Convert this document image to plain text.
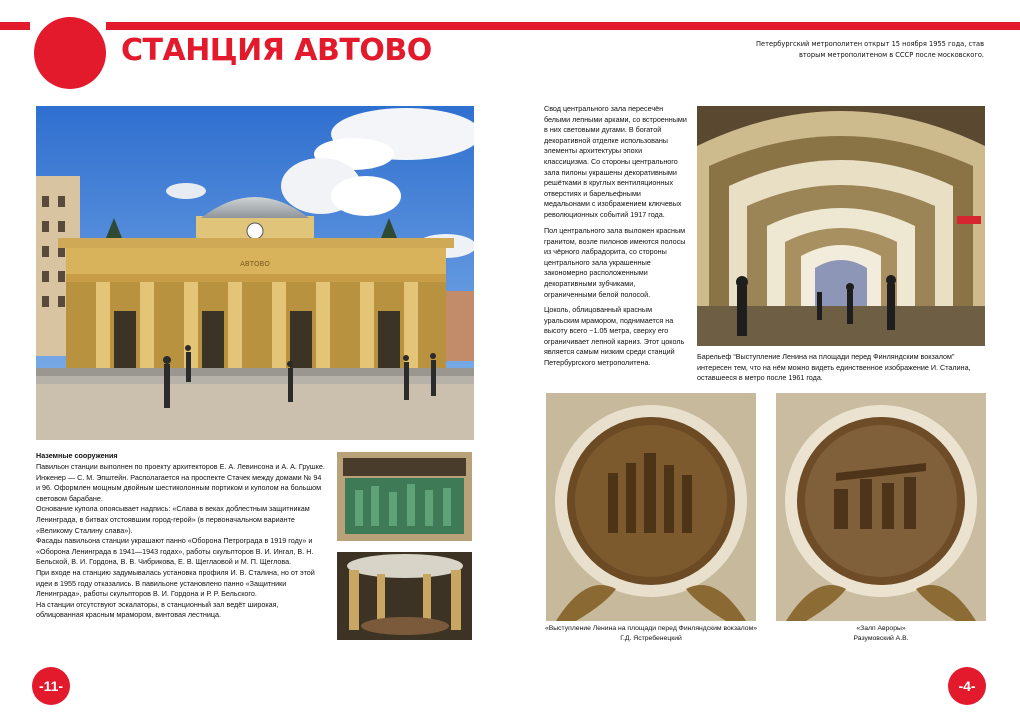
СТАНЦИЯ АВТОВО	Петербургский метрополитен открыт 15 ноября 1955 года, став вторым метрополитеном в СССР после московского.
АВТОВО
Наземные сооружения

Павильон станции выполнен по проекту архитекторов Е. А. Левинсона и А. А. Грушке. Инженер — С. М. Эпштейн. Располагается на проспекте Стачек между домами № 94 и 96. Оформлен мощным двойным шестиколонным портиком и куполом на большом световом барабане.

Основание купола опоясывает надпись: «Слава в веках доблестным защитникам Ленинграда, в битвах отстоявшим город-герой» (в первоначальном варианте «Великому Сталину слава»).

Фасады павильона станции украшают панно «Оборона Петрограда в 1919 году» и «Оборона Ленинграда в 1941—1943 годах», работы скульпторов В. И. Ингал, В. Н. Бельской, В. И. Гордона, В. В. Чибрикова, Е. В. Щеглаовой и М. П. Щеглова.

При входе на станцию задумывалась установка профиля И. В. Сталина, но от этой идеи в 1955 году отказались. В павильоне установлено панно «Защитники Ленинграда», работы скульпторов В. И. Гордона и Р. Р. Бельского.

На станции отсутствуют эскалаторы, в станционный зал ведёт широкая, облицованная красным мрамором, винтовая лестница.

Свод центрального зала пересечён белыми лепными арками, со встроенными в них световыми дугами. В богатой декоративной отделке использованы элементы архитектуры эпохи классицизма. Со стороны центрального зала пилоны украшены декоративными решётками в круглых вентиляционных отверстиях и барельефными медальонами с изображением ключевых революционных событий 1917 года.
Пол центрального зала выложен красным гранитом, возле пилонов имеются полосы из чёрного лабрадорита, со стороны центрального зала украшенные закономерно расположенными декоративными зубчиками, ограниченными белой полосой.
Цоколь, облицованный красным уральским мрамором, поднимается на высоту всего ~1.05 метра, сверху его ограничивает лепной карниз. Этот цоколь является самым низким среди станций Петербургского метрополитена.
Барельеф “Выступление Ленина на площади перед Финляндским вокзалом” интересен тем, что на нём можно видеть единственное изображение И. Сталина, оставшееся в метро после 1961 года.
«Выступление Ленина на площади перед Финляндским вокзалом»
Г.Д. Ястребенецкий
«Залп Авроры»
Разумовский А.В.
-11-	-4-
